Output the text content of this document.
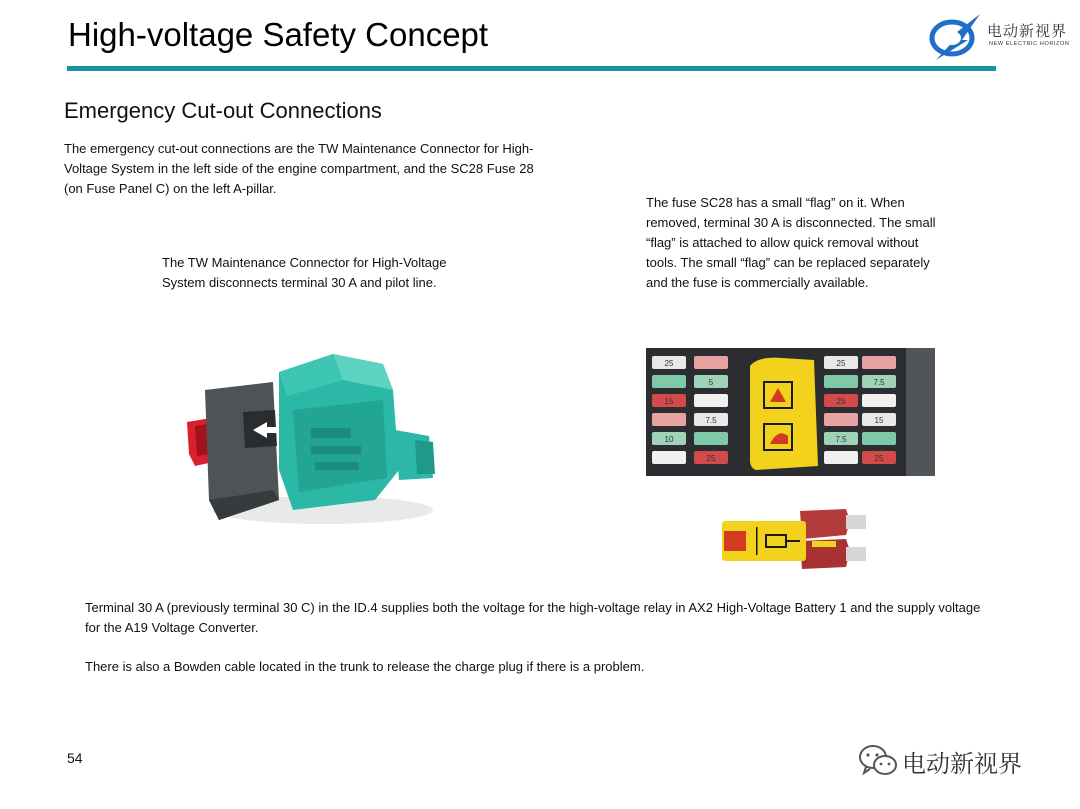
High-voltage Safety Concept	电动新视界
NEW ELECTRIC HORIZON
Emergency Cut-out Connections
The emergency cut-out connections are the TW Maintenance Connector for High-Voltage System in the left side of the engine compartment, and the SC28 Fuse 28 (on Fuse Panel C) on the left A-pillar.
The TW Maintenance Connector for High-Voltage System disconnects terminal 30 A and pilot line.
The fuse SC28 has a small “flag” on it. When removed, terminal 30 A is disconnected. The small “flag” is attached to allow quick removal without tools. The small “flag” can be replaced separately and the fuse is commercially available.
25
15
10
5
7.5
25
25
25
7.5
7.5
15
25
Terminal 30 A (previously terminal 30 C) in the ID.4 supplies both the voltage for the high-voltage relay in AX2 High-Voltage Battery 1 and the supply voltage for the A19 Voltage Converter.
There is also a Bowden cable located in the trunk to release the charge plug if there is a problem.
54	电动新视界
